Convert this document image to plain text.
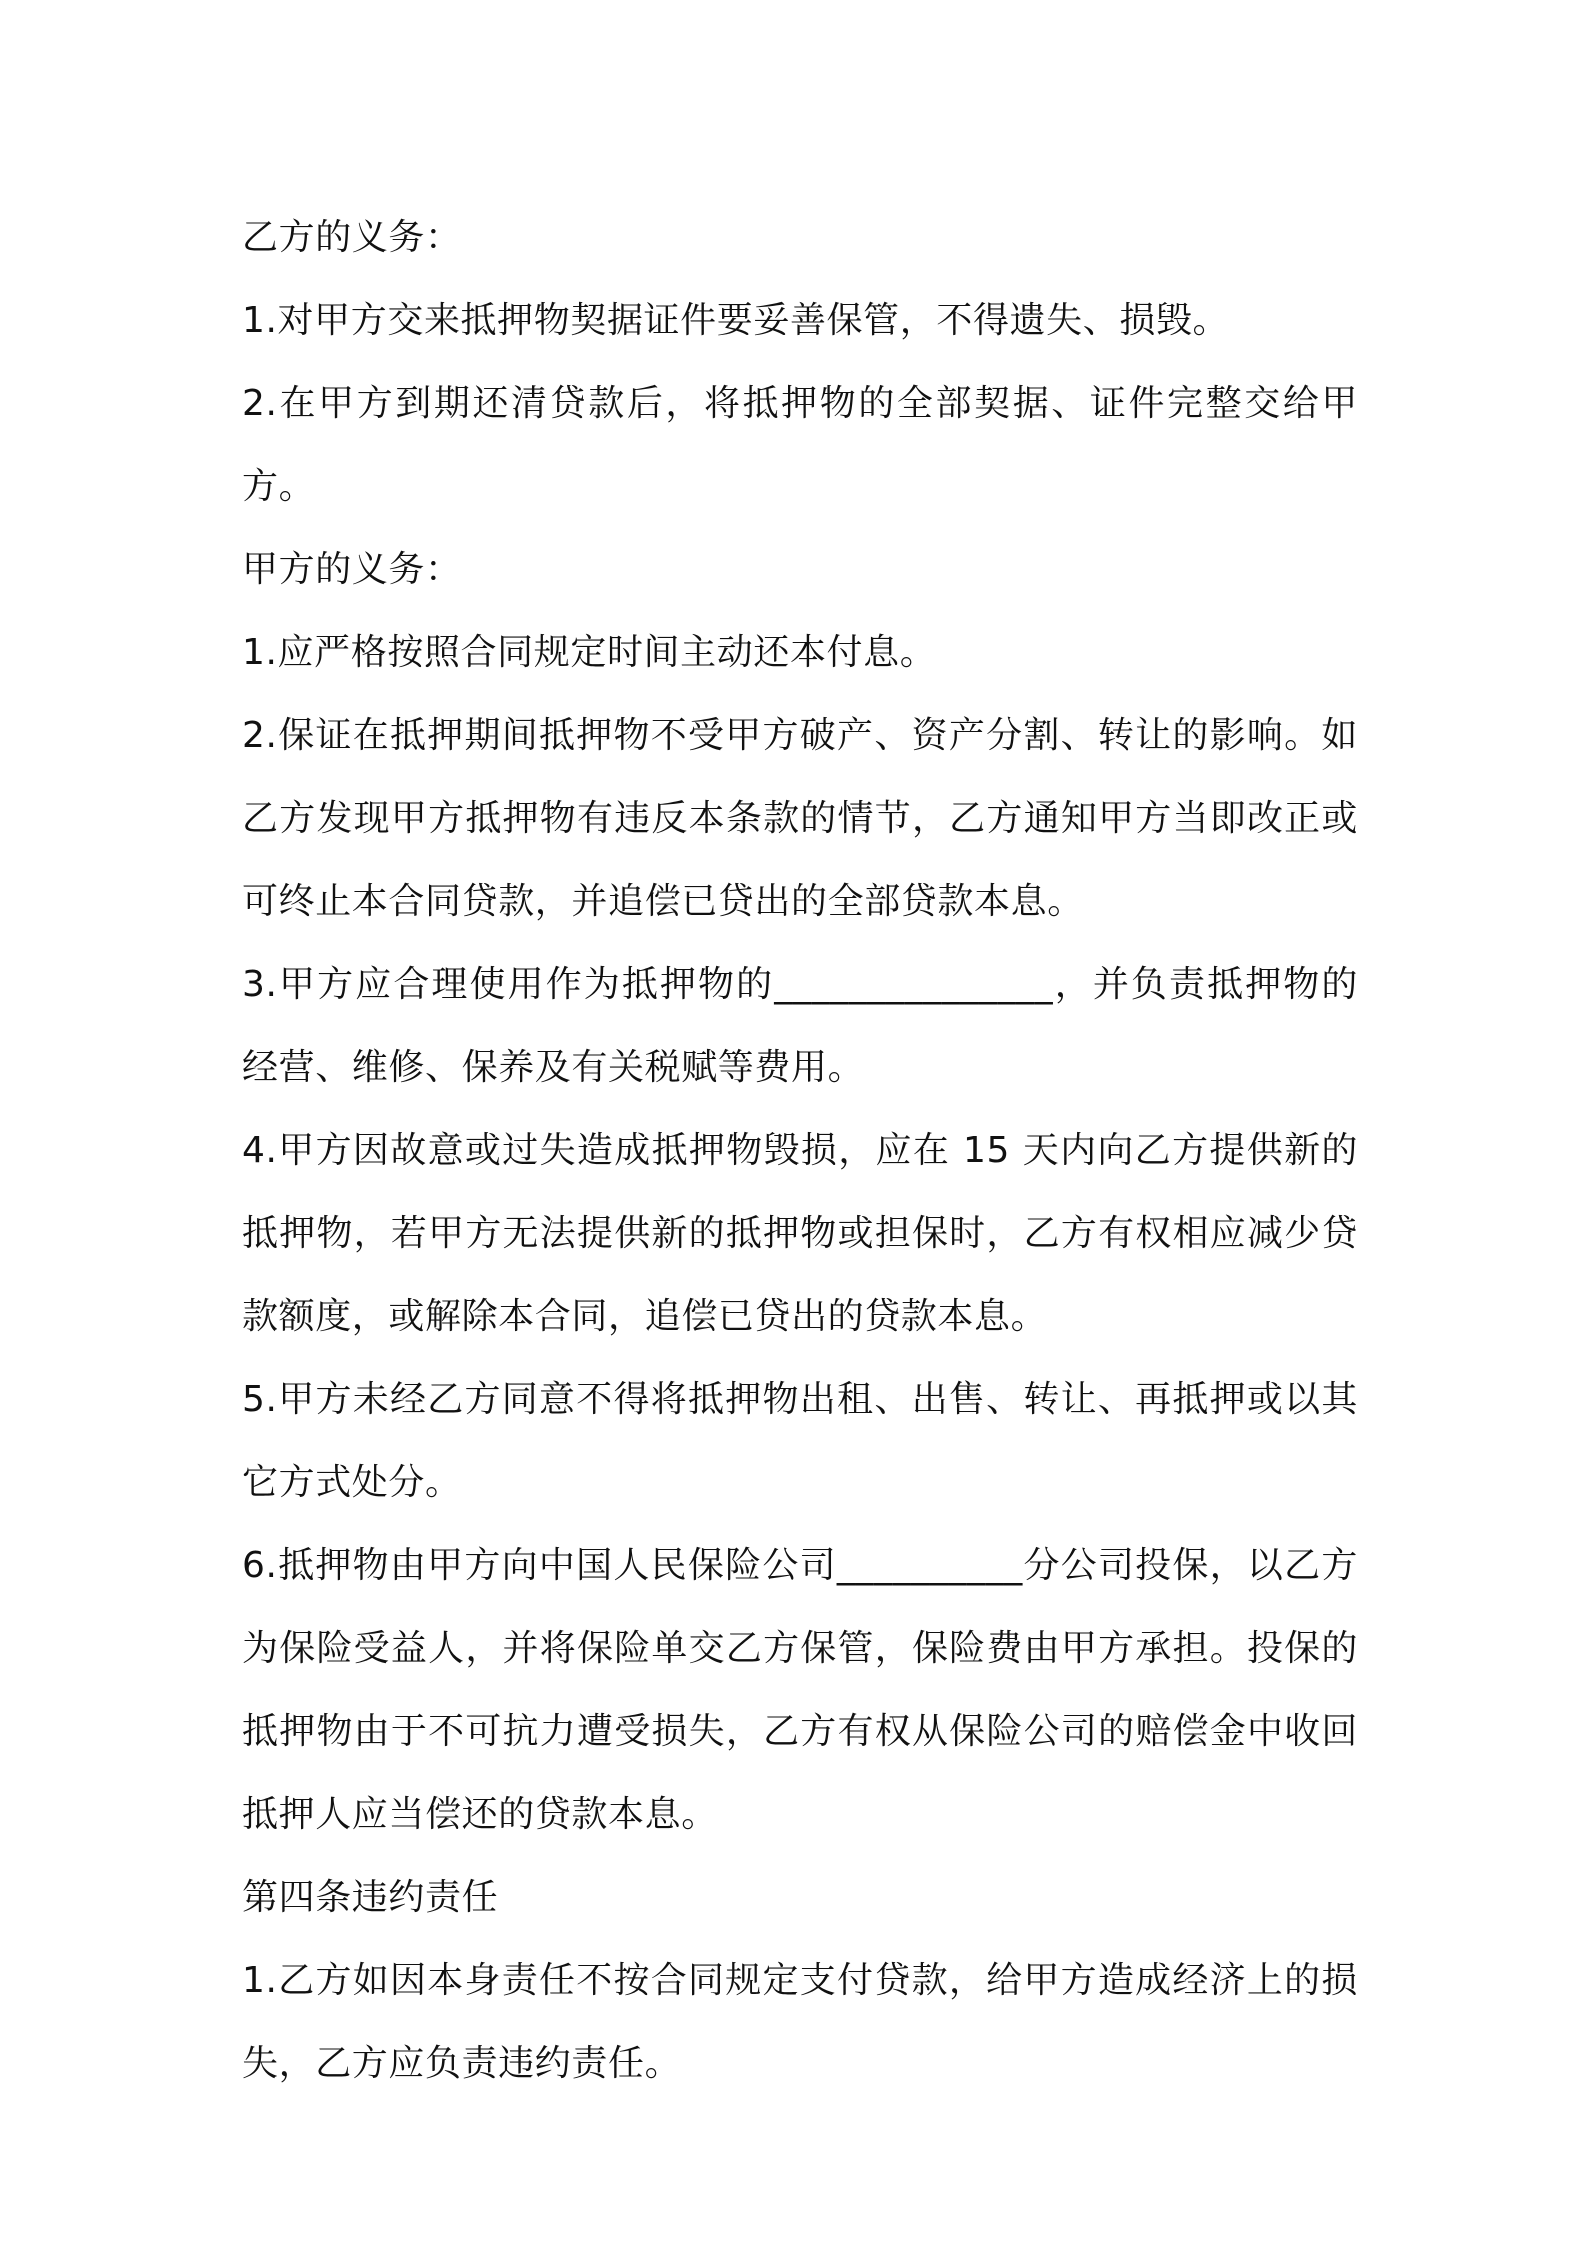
乙方的义务：

1.对甲方交来抵押物契据证件要妥善保管，不得遗失、损毁。

2.在甲方到期还清贷款后，将抵押物的全部契据、证件完整交给甲方。

甲方的义务：

1.应严格按照合同规定时间主动还本付息。

2.保证在抵押期间抵押物不受甲方破产、资产分割、转让的影响。如乙方发现甲方抵押物有违反本条款的情节，乙方通知甲方当即改正或可终止本合同贷款，并追偿已贷出的全部贷款本息。

3.甲方应合理使用作为抵押物的_______________，并负责抵押物的经营、维修、保养及有关税赋等费用。

4.甲方因故意或过失造成抵押物毁损，应在 15 天内向乙方提供新的抵押物，若甲方无法提供新的抵押物或担保时，乙方有权相应减少贷款额度，或解除本合同，追偿已贷出的贷款本息。

5.甲方未经乙方同意不得将抵押物出租、出售、转让、再抵押或以其它方式处分。

6.抵押物由甲方向中国人民保险公司__________分公司投保，以乙方为保险受益人，并将保险单交乙方保管，保险费由甲方承担。投保的抵押物由于不可抗力遭受损失，乙方有权从保险公司的赔偿金中收回抵押人应当偿还的贷款本息。

第四条违约责任

1.乙方如因本身责任不按合同规定支付贷款，给甲方造成经济上的损失，乙方应负责违约责任。
